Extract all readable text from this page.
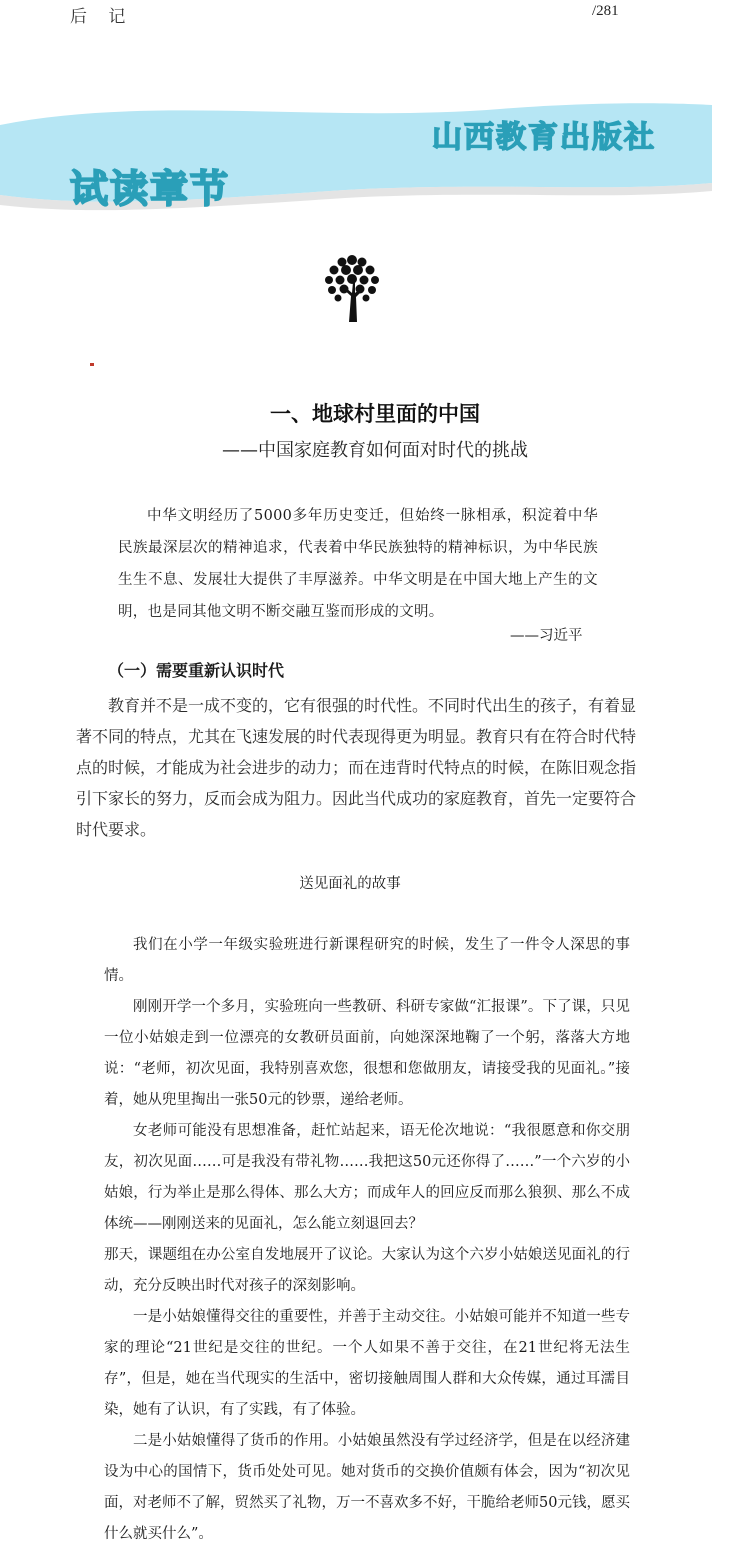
后 记	/281
山西教育出版社
试读章节
一、地球村里面的中国
——中国家庭教育如何面对时代的挑战

中华文明经历了5000多年历史变迁，但始终一脉相承，积淀着中华民族最深层次的精神追求，代表着中华民族独特的精神标识，为中华民族生生不息、发展壮大提供了丰厚滋养。中华文明是在中国大地上产生的文明，也是同其他文明不断交融互鉴而形成的文明。

——习近平
（一）需要重新认识时代

教育并不是一成不变的，它有很强的时代性。不同时代出生的孩子，有着显著不同的特点，尤其在飞速发展的时代表现得更为明显。教育只有在符合时代特点的时候，才能成为社会进步的动力；而在违背时代特点的时候，在陈旧观念指引下家长的努力，反而会成为阻力。因此当代成功的家庭教育，首先一定要符合时代要求。

送见面礼的故事

我们在小学一年级实验班进行新课程研究的时候，发生了一件令人深思的事情。

刚刚开学一个多月，实验班向一些教研、科研专家做“汇报课”。下了课，只见一位小姑娘走到一位漂亮的女教研员面前，向她深深地鞠了一个躬，落落大方地说：“老师，初次见面，我特别喜欢您，很想和您做朋友，请接受我的见面礼。”接着，她从兜里掏出一张50元的钞票，递给老师。

女老师可能没有思想准备，赶忙站起来，语无伦次地说：“我很愿意和你交朋友，初次见面……可是我没有带礼物……我把这50元还你得了……”一个六岁的小姑娘，行为举止是那么得体、那么大方；而成年人的回应反而那么狼狈、那么不成体统——刚刚送来的见面礼，怎么能立刻退回去？

那天，课题组在办公室自发地展开了议论。大家认为这个六岁小姑娘送见面礼的行动，充分反映出时代对孩子的深刻影响。

一是小姑娘懂得交往的重要性，并善于主动交往。小姑娘可能并不知道一些专家的理论“21世纪是交往的世纪。一个人如果不善于交往，在21世纪将无法生存”，但是，她在当代现实的生活中，密切接触周围人群和大众传媒，通过耳濡目染，她有了认识，有了实践，有了体验。

二是小姑娘懂得了货币的作用。小姑娘虽然没有学过经济学，但是在以经济建设为中心的国情下，货币处处可见。她对货币的交换价值颇有体会，因为“初次见面，对老师不了解，贸然买了礼物，万一不喜欢多不好，干脆给老师50元钱，愿买什么就买什么”。
